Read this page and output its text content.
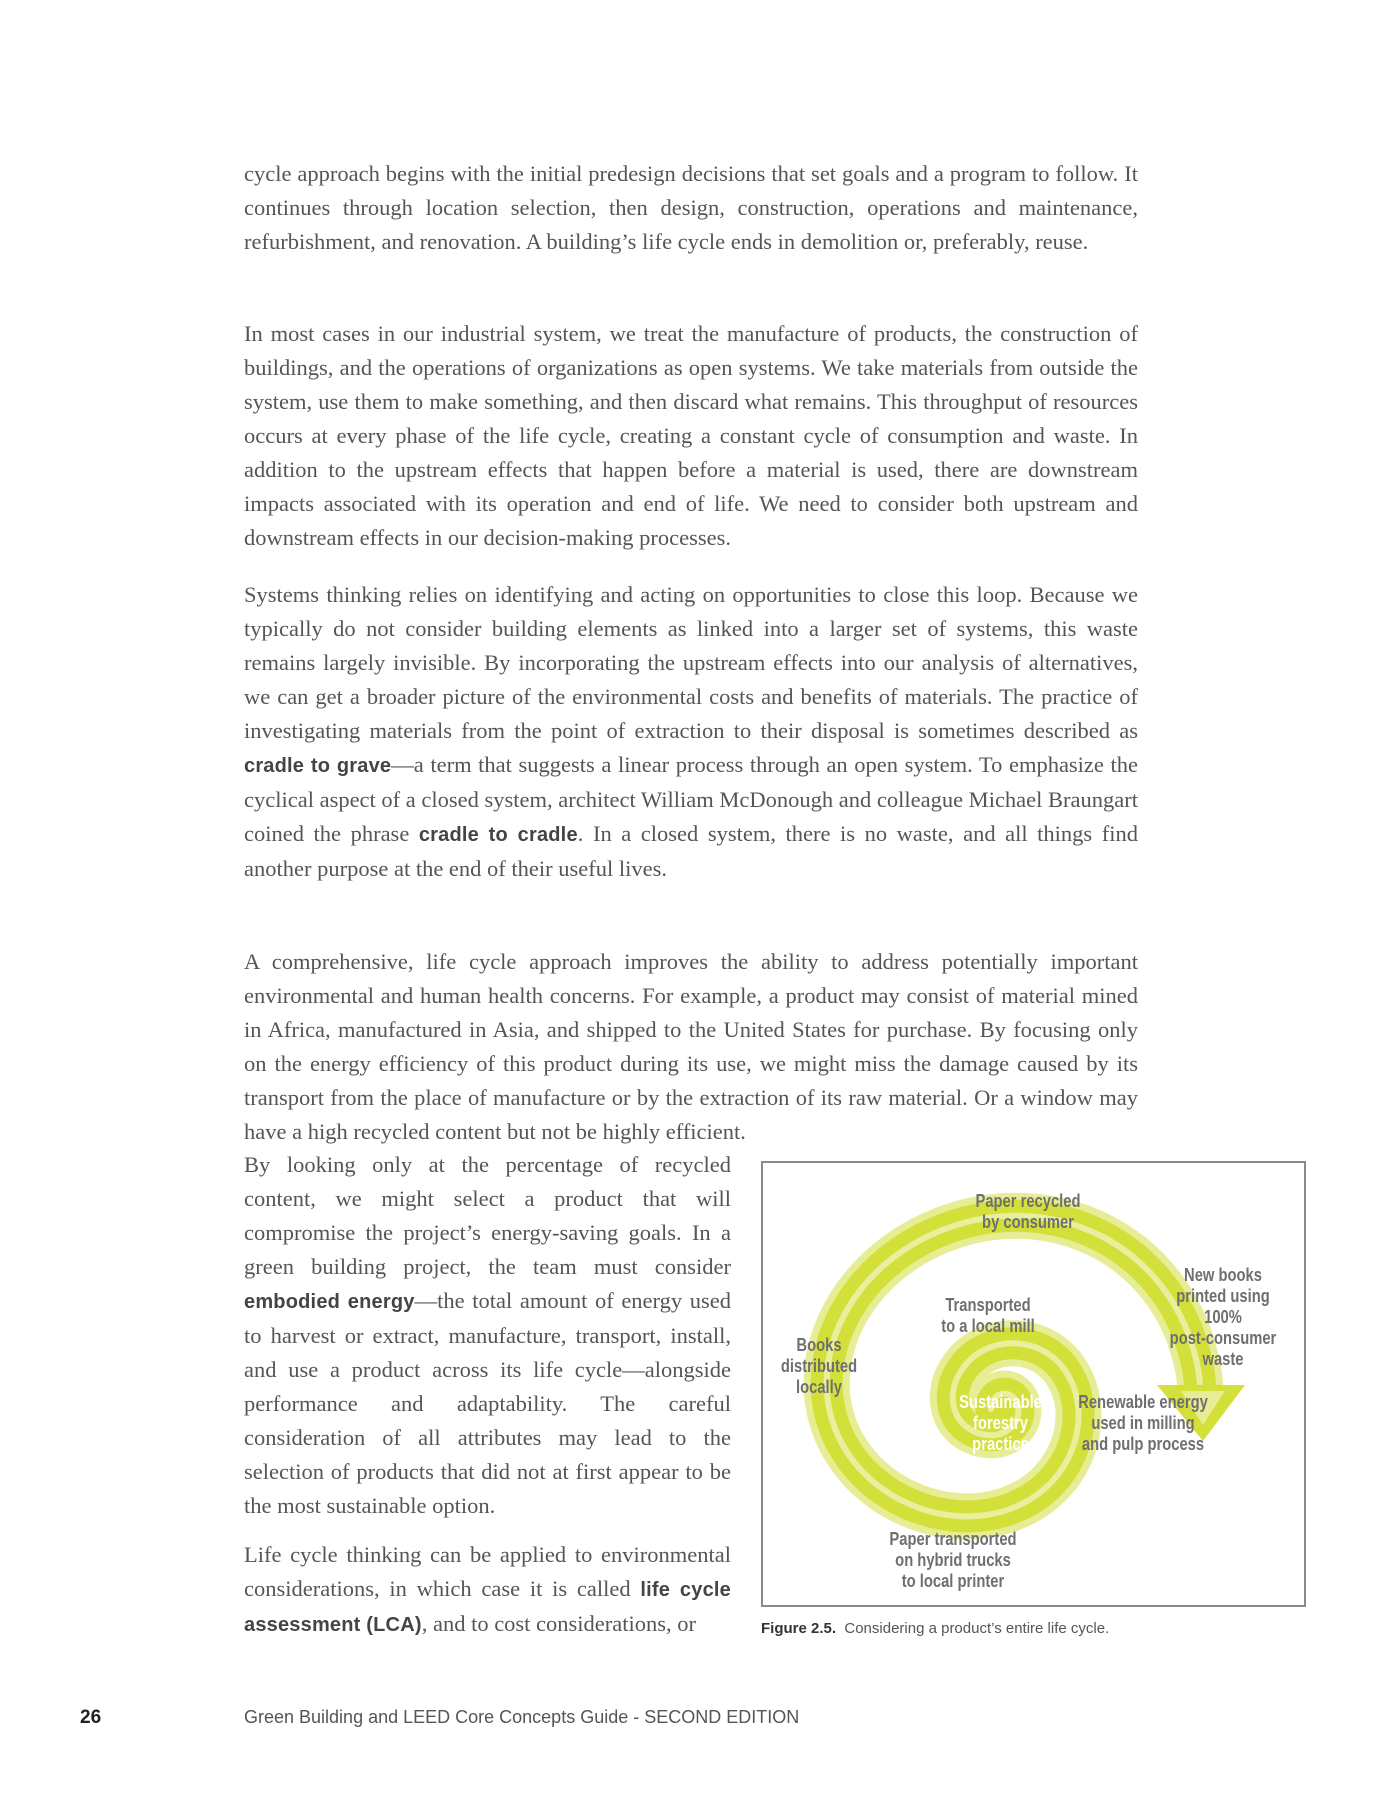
cycle approach begins with the initial predesign decisions that set goals and a program to follow. It continues through location selection, then design, construction, operations and maintenance, refurbishment, and renovation. A building’s life cycle ends in demolition or, preferably, reuse.

In most cases in our industrial system, we treat the manufacture of products, the construction of buildings, and the operations of organizations as open systems. We take materials from outside the system, use them to make something, and then discard what remains. This throughput of resources occurs at every phase of the life cycle, creating a constant cycle of consumption and waste. In addition to the upstream effects that happen before a material is used, there are downstream impacts associated with its operation and end of life. We need to consider both upstream and downstream effects in our decision-making processes.

Systems thinking relies on identifying and acting on opportunities to close this loop. Because we typically do not consider building elements as linked into a larger set of systems, this waste remains largely invisible. By incorporating the upstream effects into our analysis of alternatives, we can get a broader picture of the environmental costs and benefits of materials. The practice of investigating materials from the point of extraction to their disposal is sometimes described as cradle to grave—a term that suggests a linear process through an open system. To emphasize the cyclical aspect of a closed system, architect William McDonough and colleague Michael Braungart coined the phrase cradle to cradle. In a closed system, there is no waste, and all things find another purpose at the end of their useful lives.

A comprehensive, life cycle approach improves the ability to address potentially important environmental and human health concerns. For example, a product may consist of material mined in Africa, manufactured in Asia, and shipped to the United States for purchase. By focusing only on the energy efficiency of this product during its use, we might miss the damage caused by its transport from the place of manufacture or by the extraction of its raw material. Or a window may have a high recycled content but not be highly efficient.

By looking only at the percentage of recycled content, we might select a product that will compromise the project’s energy-saving goals. In a green building project, the team must consider embodied energy—the total amount of energy used to harvest or extract, manufacture, transport, install, and use a product across its life cycle—alongside performance and adaptability. The careful consideration of all attributes may lead to the selection of products that did not at first appear to be the most sustainable option.

Life cycle thinking can be applied to environmental considerations, in which case it is called life cycle assessment (LCA), and to cost considerations, or

Paper recycled
by consumer
New books
printed using
100%
post-consumer
waste
Transported
to a local mill
Books
distributed
locally
Sustainable
forestry
practice
Renewable energy
used in milling
and pulp process
Paper transported
on hybrid trucks
to local printer
Figure 2.5. Considering a product’s entire life cycle.
26	Green Building and LEED Core Concepts Guide - SECOND EDITION
